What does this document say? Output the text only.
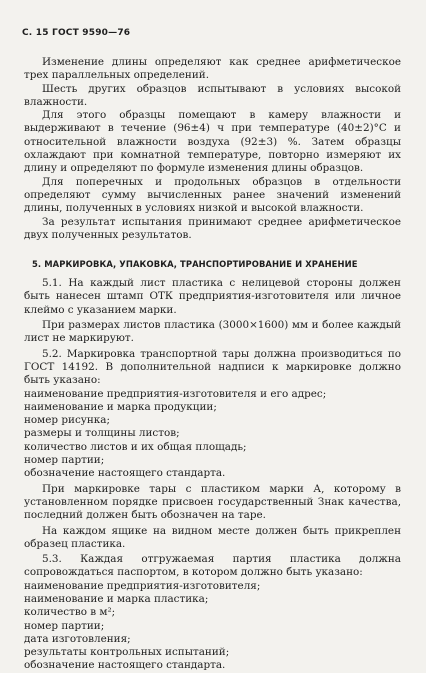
С. 15 ГОСТ 9590—76

Изменение длины определяют как среднее арифметическое трех параллельных определений.

Шесть других образцов испытывают в условиях высокой влажности.

Для этого образцы помещают в камеру влажности и выдерживают в течение (96±4) ч при температуре (40±2)°C и относительной влажности воздуха (92±3) %. Затем образцы охлаждают при комнатной температуре, повторно измеряют их длину и определяют по формуле изменения длины образцов.

Для поперечных и продольных образцов в отдельности определяют сумму вычисленных ранее значений изменений длины, полученных в условиях низкой и высокой влажности.

За результат испытания принимают среднее арифметическое двух полученных результатов.

5. МАРКИРОВКА, УПАКОВКА, ТРАНСПОРТИРОВАНИЕ И ХРАНЕНИЕ

5.1. На каждый лист пластика с нелицевой стороны должен быть нанесен штамп ОТК предприятия-изготовителя или личное клеймо с указанием марки.

При размерах листов пластика (3000×1600) мм и более каждый лист не маркируют.

5.2. Маркировка транспортной тары должна производиться по ГОСТ 14192. В дополнительной надписи к маркировке должно быть указано:

наименование предприятия-изготовителя и его адрес;
наименование и марка продукции;
номер рисунка;
размеры и толщины листов;
количество листов и их общая площадь;
номер партии;
обозначение настоящего стандарта.

При маркировке тары с пластиком марки А, которому в установленном порядке присвоен государственный Знак качества, последний должен быть обозначен на таре.

На каждом ящике на видном месте должен быть прикреплен образец пластика.

5.3. Каждая отгружаемая партия пластика должна сопровождаться паспортом, в котором должно быть указано:

наименование предприятия-изготовителя;
наименование и марка пластика;
количество в м²;
номер партии;
дата изготовления;
результаты контрольных испытаний;
обозначение настоящего стандарта.
